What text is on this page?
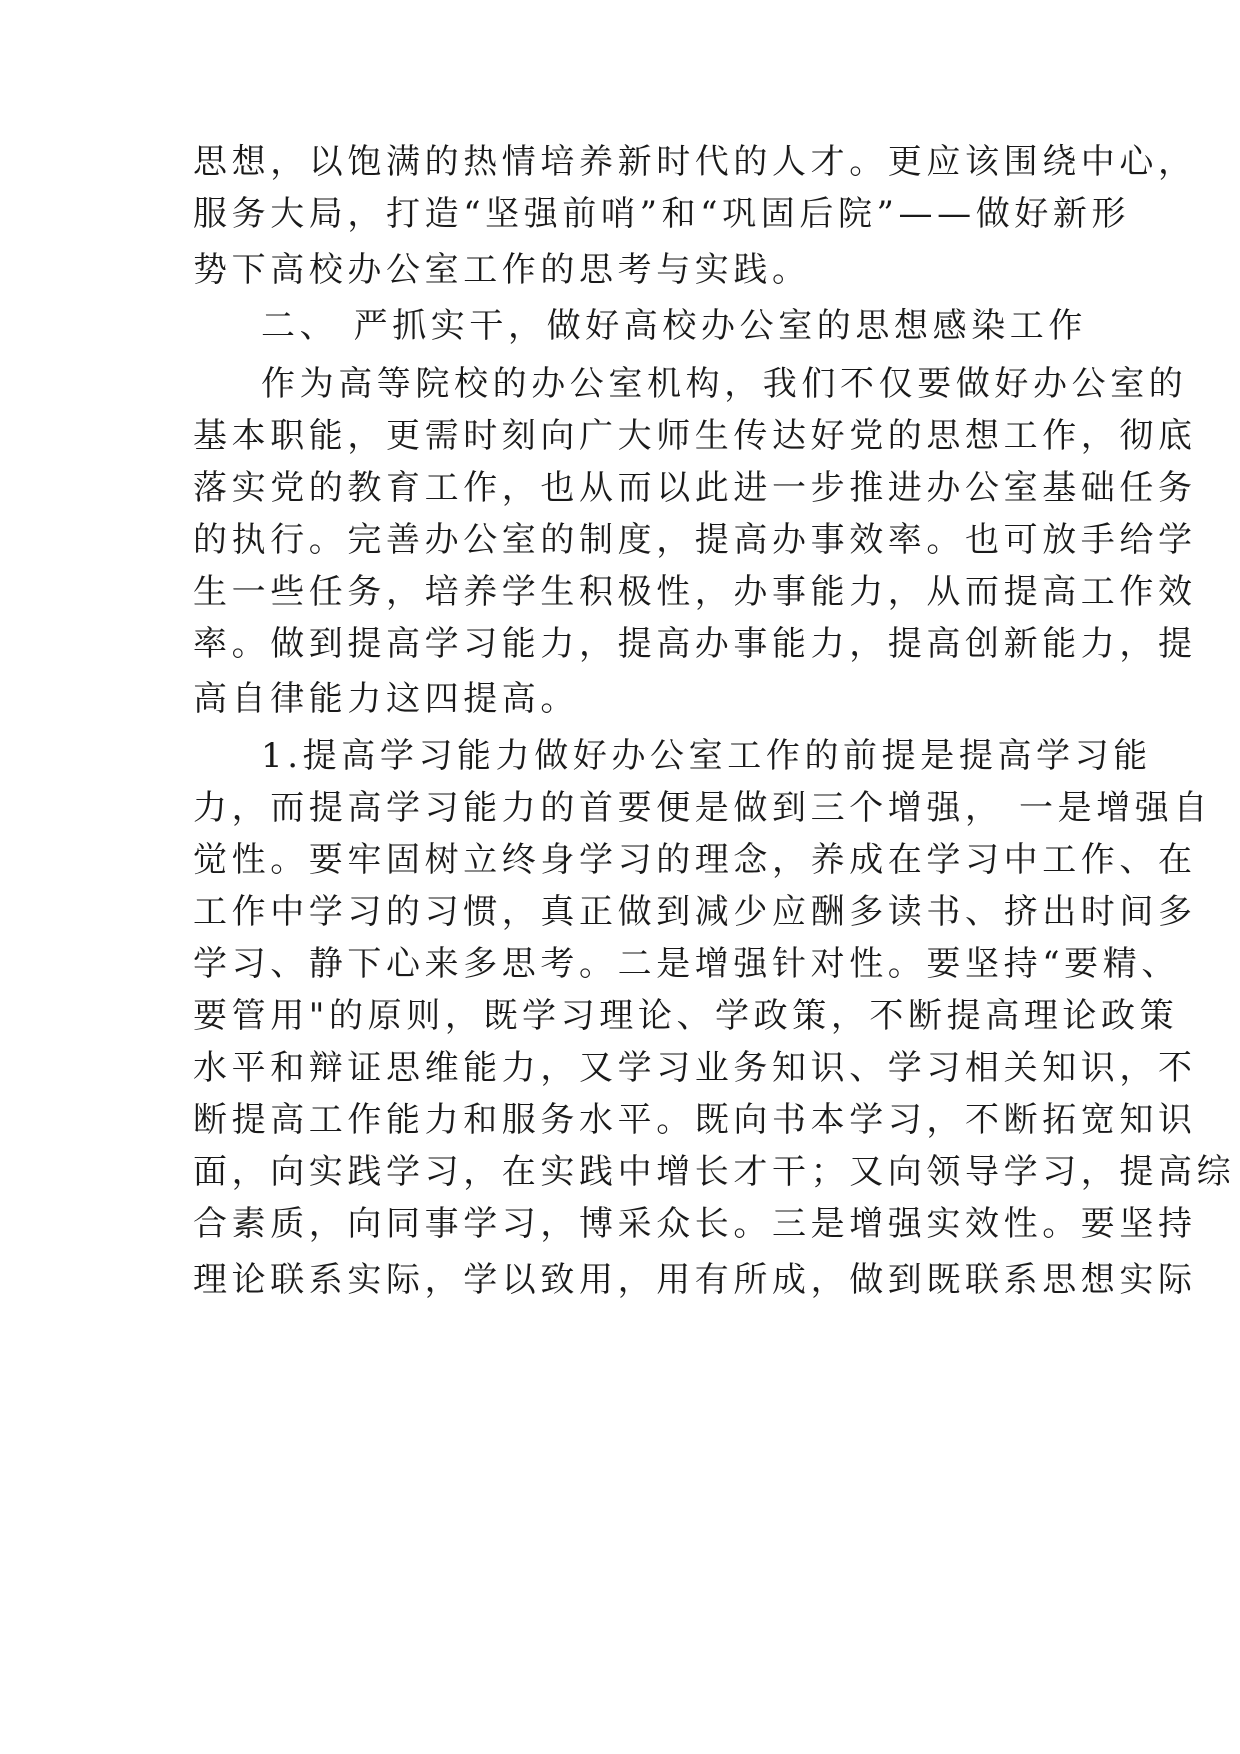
思想，以饱满的热情培养新时代的人才。更应该围绕中心，
服务大局，打造“坚强前哨”和“巩固后院”——做好新形
势下高校办公室工作的思考与实践。
二、 严抓实干，做好高校办公室的思想感染工作
作为高等院校的办公室机构，我们不仅要做好办公室的
基本职能，更需时刻向广大师生传达好党的思想工作，彻底
落实党的教育工作，也从而以此进一步推进办公室基础任务
的执行。完善办公室的制度，提高办事效率。也可放手给学
生一些任务，培养学生积极性，办事能力，从而提高工作效
率。做到提高学习能力，提高办事能力，提高创新能力，提
高自律能力这四提高。
1.提高学习能力做好办公室工作的前提是提高学习能
力，而提高学习能力的首要便是做到三个增强， 一是增强自
觉性。要牢固树立终身学习的理念，养成在学习中工作、在
工作中学习的习惯，真正做到减少应酬多读书、挤出时间多
学习、静下心来多思考。二是增强针对性。要坚持“要精、
要管用"的原则，既学习理论、学政策，不断提高理论政策
水平和辩证思维能力，又学习业务知识、学习相关知识，不
断提高工作能力和服务水平。既向书本学习，不断拓宽知识
面，向实践学习，在实践中增长才干；又向领导学习，提高综
合素质，向同事学习，博采众长。三是增强实效性。要坚持
理论联系实际，学以致用，用有所成，做到既联系思想实际
